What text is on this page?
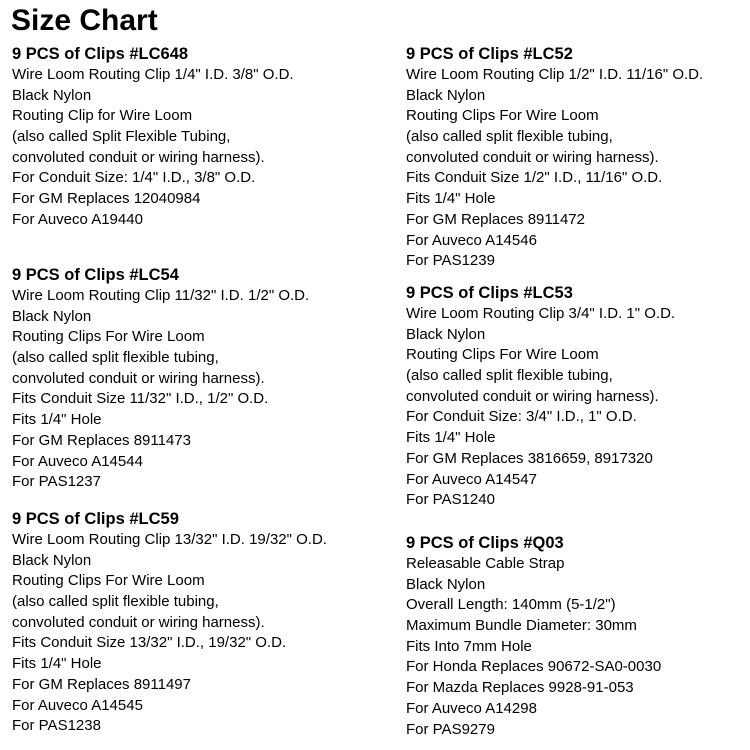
Size Chart
9 PCS of Clips #LC648
Wire Loom Routing Clip 1/4" I.D. 3/8" O.D.
Black Nylon
Routing Clip for Wire Loom
(also called Split Flexible Tubing,
convoluted conduit or wiring harness).
For Conduit Size: 1/4" I.D., 3/8" O.D.
For GM Replaces 12040984
For Auveco A19440
9 PCS of Clips #LC54
Wire Loom Routing Clip 11/32" I.D. 1/2" O.D.
Black Nylon
Routing Clips For Wire Loom
(also called split flexible tubing,
convoluted conduit or wiring harness).
Fits Conduit Size 11/32" I.D., 1/2" O.D.
Fits 1/4" Hole
For GM Replaces 8911473
For Auveco A14544
For PAS1237
9 PCS of Clips #LC59
Wire Loom Routing Clip 13/32" I.D. 19/32" O.D.
Black Nylon
Routing Clips For Wire Loom
(also called split flexible tubing,
convoluted conduit or wiring harness).
Fits Conduit Size 13/32" I.D., 19/32" O.D.
Fits 1/4" Hole
For GM Replaces 8911497
For Auveco A14545
For PAS1238
9 PCS of Clips #LC52
Wire Loom Routing Clip 1/2" I.D. 11/16" O.D.
Black Nylon
Routing Clips For Wire Loom
(also called split flexible tubing,
convoluted conduit or wiring harness).
Fits Conduit Size 1/2" I.D., 11/16" O.D.
Fits 1/4" Hole
For GM Replaces 8911472
For Auveco A14546
For PAS1239
9 PCS of Clips #LC53
Wire Loom Routing Clip 3/4" I.D. 1" O.D.
Black Nylon
Routing Clips For Wire Loom
(also called split flexible tubing,
convoluted conduit or wiring harness).
For Conduit Size: 3/4" I.D., 1" O.D.
Fits 1/4" Hole
For GM Replaces 3816659, 8917320
For Auveco A14547
For PAS1240
9 PCS of Clips #Q03
Releasable Cable Strap
Black Nylon
Overall Length: 140mm (5-1/2")
Maximum Bundle Diameter: 30mm
Fits Into 7mm Hole
For Honda Replaces 90672-SA0-0030
For Mazda Replaces 9928-91-053
For Auveco A14298
For PAS9279
